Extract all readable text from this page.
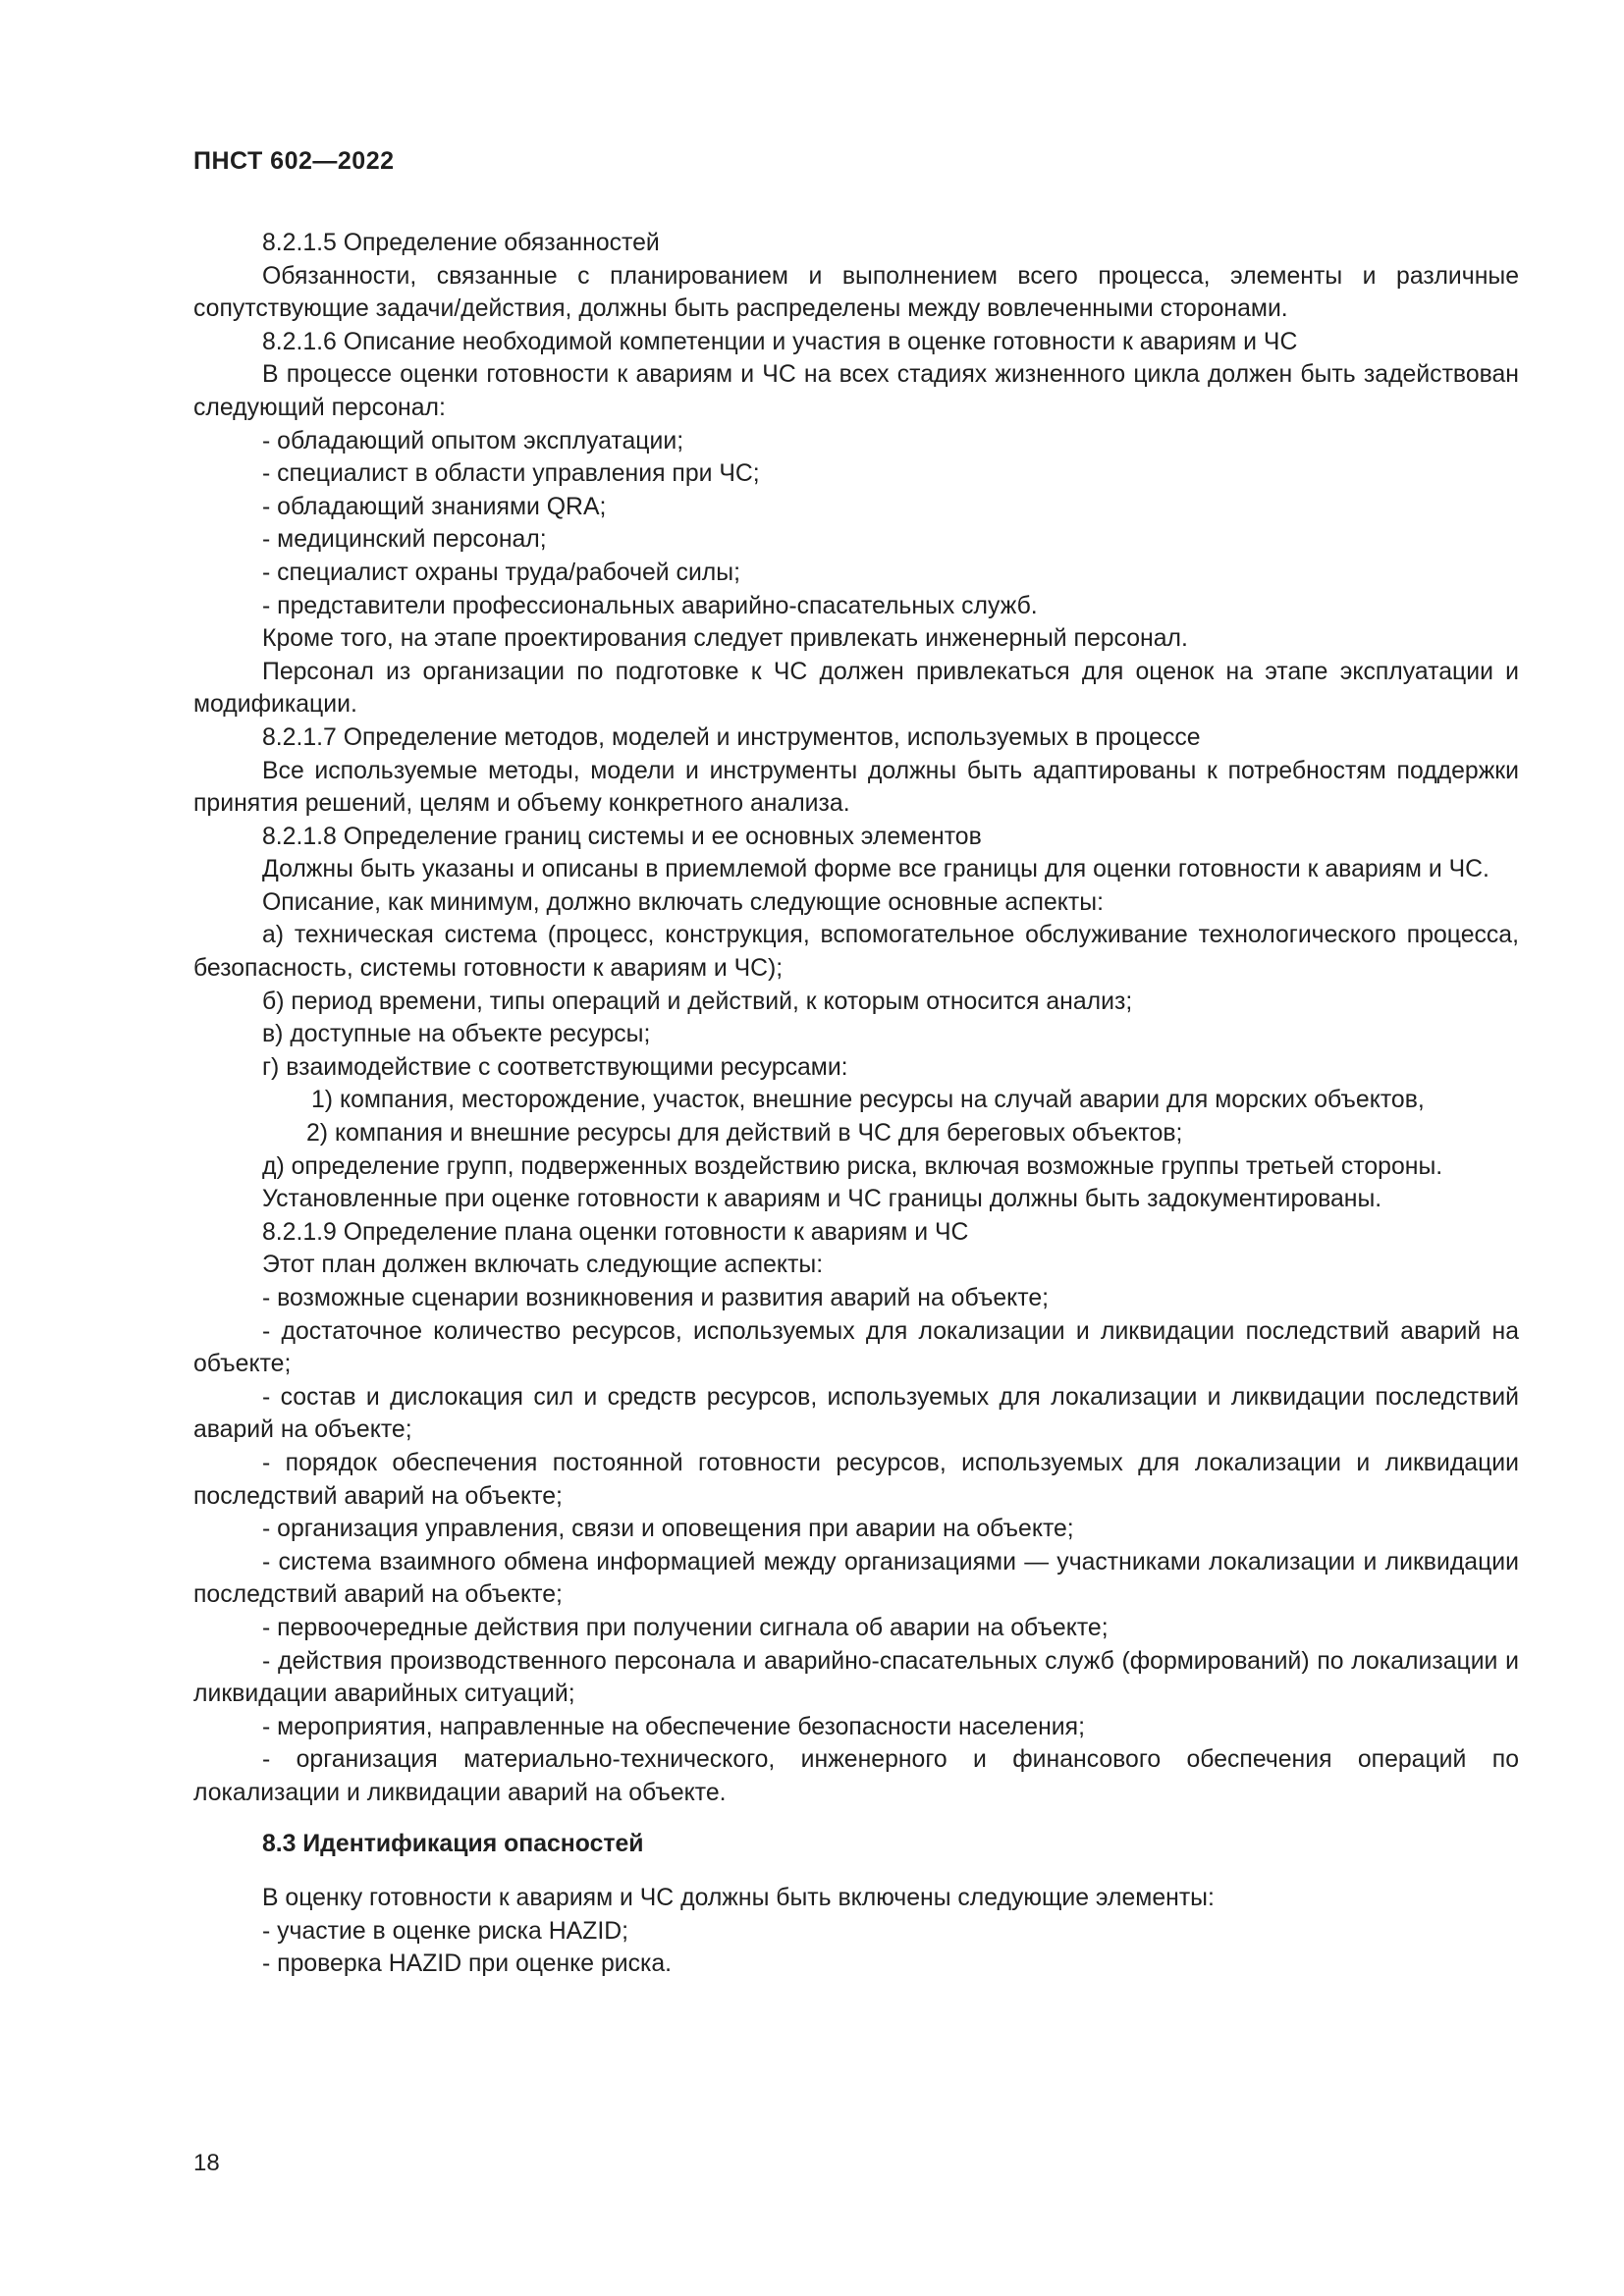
ПНСТ 602—2022

8.2.1.5 Определение обязанностей

Обязанности, связанные с планированием и выполнением всего процесса, элементы и различные сопутствующие задачи/действия, должны быть распределены между вовлеченными сторонами.

8.2.1.6 Описание необходимой компетенции и участия в оценке готовности к авариям и ЧС

В процессе оценки готовности к авариям и ЧС на всех стадиях жизненного цикла должен быть задействован следующий персонал:

- обладающий опытом эксплуатации;

- специалист в области управления при ЧС;

- обладающий знаниями QRA;

- медицинский персонал;

- специалист охраны труда/рабочей силы;

- представители профессиональных аварийно-спасательных служб.

Кроме того, на этапе проектирования следует привлекать инженерный персонал.

Персонал из организации по подготовке к ЧС должен привлекаться для оценок на этапе эксплуатации и модификации.

8.2.1.7 Определение методов, моделей и инструментов, используемых в процессе

Все используемые методы, модели и инструменты должны быть адаптированы к потребностям поддержки принятия решений, целям и объему конкретного анализа.

8.2.1.8 Определение границ системы и ее основных элементов

Должны быть указаны и описаны в приемлемой форме все границы для оценки готовности к авариям и ЧС.

Описание, как минимум, должно включать следующие основные аспекты:

а) техническая система (процесс, конструкция, вспомогательное обслуживание технологического процесса, безопасность, системы готовности к авариям и ЧС);

б) период времени, типы операций и действий, к которым относится анализ;

в) доступные на объекте ресурсы;

г) взаимодействие с соответствующими ресурсами:

1) компания, месторождение, участок, внешние ресурсы на случай аварии для морских объектов,

2) компания и внешние ресурсы для действий в ЧС для береговых объектов;

д) определение групп, подверженных воздействию риска, включая возможные группы третьей стороны.

Установленные при оценке готовности к авариям и ЧС границы должны быть задокументированы.

8.2.1.9 Определение плана оценки готовности к авариям и ЧС

Этот план должен включать следующие аспекты:

- возможные сценарии возникновения и развития аварий на объекте;

- достаточное количество ресурсов, используемых для локализации и ликвидации последствий аварий на объекте;

- состав и дислокация сил и средств ресурсов, используемых для локализации и ликвидации последствий аварий на объекте;

- порядок обеспечения постоянной готовности ресурсов, используемых для локализации и ликвидации последствий аварий на объекте;

- организация управления, связи и оповещения при аварии на объекте;

- система взаимного обмена информацией между организациями — участниками локализации и ликвидации последствий аварий на объекте;

- первоочередные действия при получении сигнала об аварии на объекте;

- действия производственного персонала и аварийно-спасательных служб (формирований) по локализации и ликвидации аварийных ситуаций;

- мероприятия, направленные на обеспечение безопасности населения;

- организация материально-технического, инженерного и финансового обеспечения операций по локализации и ликвидации аварий на объекте.

8.3 Идентификация опасностей

В оценку готовности к авариям и ЧС должны быть включены следующие элементы:

- участие в оценке риска HAZID;

- проверка HAZID при оценке риска.

18
